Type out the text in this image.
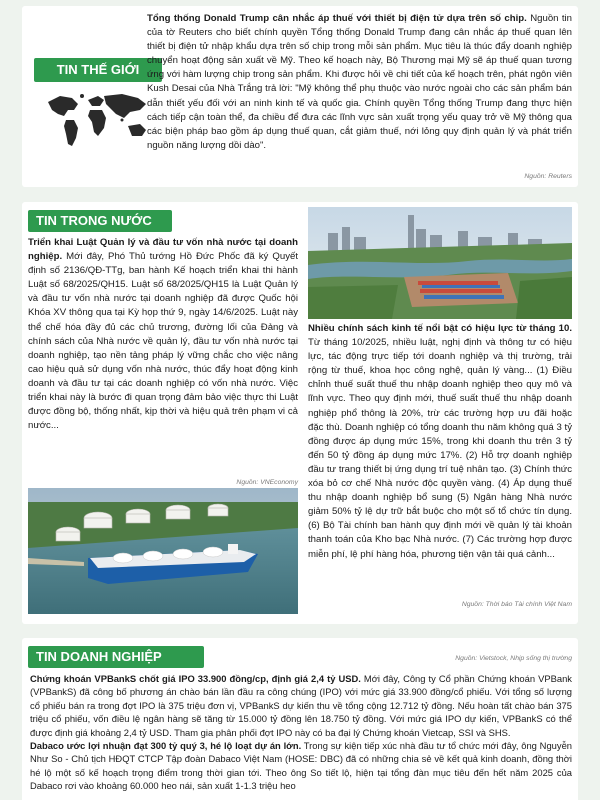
TIN THẾ GIỚI

Tổng thống Donald Trump cân nhắc áp thuế với thiết bị điện tử dựa trên số chip. Nguồn tin của tờ Reuters cho biết chính quyền Tổng thống Donald Trump đang cân nhắc áp thuế quan lên thiết bị điện tử nhập khẩu dựa trên số chip trong mỗi sản phẩm. Mục tiêu là thúc đẩy doanh nghiệp chuyển hoạt động sản xuất về Mỹ. Theo kế hoạch này, Bộ Thương mại Mỹ sẽ áp thuế quan tương ứng với hàm lượng chip trong sản phẩm. Khi được hỏi về chi tiết của kế hoạch trên, phát ngôn viên Kush Desai của Nhà Trắng trả lời: "Mỹ không thể phụ thuộc vào nước ngoài cho các sản phẩm bán dẫn thiết yếu đối với an ninh kinh tế và quốc gia. Chính quyền Tổng thống Trump đang thực hiện cách tiếp cận toàn thể, đa chiều để đưa các lĩnh vực sản xuất trọng yếu quay trở về Mỹ thông qua các biện pháp bao gồm áp dụng thuế quan, cắt giảm thuế, nới lỏng quy định quản lý và phát triển nguồn năng lượng dồi dào".

Nguồn: Reuters
TIN TRONG NƯỚC

Triển khai Luật Quản lý và đầu tư vốn nhà nước tại doanh nghiệp. Mới đây, Phó Thủ tướng Hồ Đức Phốc đã ký Quyết định số 2136/QĐ-TTg, ban hành Kế hoạch triển khai thi hành Luật số 68/2025/QH15. Luật số 68/2025/QH15 là Luật Quản lý và đầu tư vốn nhà nước tại doanh nghiệp đã được Quốc hội Khóa XV thông qua tại Kỳ họp thứ 9, ngày 14/6/2025. Luật này thể chế hóa đầy đủ các chủ trương, đường lối của Đảng và chính sách của Nhà nước về quản lý, đầu tư vốn nhà nước tại doanh nghiệp, tạo nền tảng pháp lý vững chắc cho việc nâng cao hiệu quả sử dụng vốn nhà nước, thúc đẩy hoạt động kinh doanh và đầu tư tại các doanh nghiệp có vốn nhà nước. Việc triển khai này là bước đi quan trọng đảm bảo việc thực thi Luật được đồng bộ, thống nhất, kịp thời và hiệu quả trên phạm vi cả nước...

Nguồn: VNEconomy

Nhiều chính sách kinh tế nổi bật có hiệu lực từ tháng 10. Từ tháng 10/2025, nhiều luật, nghị định và thông tư có hiệu lực, tác động trực tiếp tới doanh nghiệp và thị trường, trải rộng từ thuế, khoa học công nghệ, quản lý vàng... (1) Điều chỉnh thuế suất thuế thu nhập doanh nghiệp theo quy mô và lĩnh vực. Theo quy định mới, thuế suất thuế thu nhập doanh nghiệp phổ thông là 20%, trừ các trường hợp ưu đãi hoặc đặc thù. Doanh nghiệp có tổng doanh thu năm không quá 3 tỷ đồng được áp dụng mức 15%, trong khi doanh thu trên 3 tỷ đến 50 tỷ đồng áp dụng mức 17%. (2) Hỗ trợ doanh nghiệp đầu tư trang thiết bị ứng dụng trí tuệ nhân tạo. (3) Chính thức xóa bỏ cơ chế Nhà nước độc quyền vàng. (4) Áp dụng thuế thu nhập doanh nghiệp bổ sung (5) Ngân hàng Nhà nước giảm 50% tỷ lệ dự trữ bắt buộc cho một số tổ chức tín dụng. (6) Bộ Tài chính ban hành quy định mới về quản lý tài khoản thanh toán của Kho bạc Nhà nước. (7) Các trường hợp được miễn phí, lệ phí hàng hóa, phương tiện vận tải quá cảnh...

Nguồn: Thời báo Tài chính Việt Nam
TIN DOANH NGHIỆP	Nguồn: Vietstock, Nhịp sống thị trường

Chứng khoán VPBankS chốt giá IPO 33.900 đồng/cp, định giá 2,4 tỷ USD. Mới đây, Công ty Cổ phần Chứng khoán VPBank (VPBankS) đã công bố phương án chào bán lần đầu ra công chúng (IPO) với mức giá 33.900 đồng/cổ phiếu. Với tổng số lượng cổ phiếu bán ra trong đợt IPO là 375 triệu đơn vị, VPBankS dự kiến thu về tổng cộng 12.712 tỷ đồng. Nếu hoàn tất chào bán 375 triệu cổ phiếu, vốn điều lệ ngân hàng sẽ tăng từ 15.000 tỷ đồng lên 18.750 tỷ đồng. Với mức giá IPO dự kiến, VPBankS có thể được định giá khoảng 2,4 tỷ USD. Tham gia phân phối đợt IPO này có ba đại lý Chứng khoán Vietcap, SSI và SHS.

Dabaco ước lợi nhuận đạt 300 tỷ quý 3, hé lộ loạt dự án lớn. Trong sự kiện tiếp xúc nhà đầu tư tổ chức mới đây, ông Nguyễn Như So - Chủ tịch HĐQT CTCP Tập đoàn Dabaco Việt Nam (HOSE: DBC) đã có những chia sẻ về kết quả kinh doanh, đồng thời hé lộ một số kế hoạch trọng điểm trong thời gian tới. Theo ông So tiết lộ, hiện tại tổng đàn mục tiêu đến hết năm 2025 của Dabaco rơi vào khoảng 60.000 heo nái, sản xuất 1-1.3 triệu heo
